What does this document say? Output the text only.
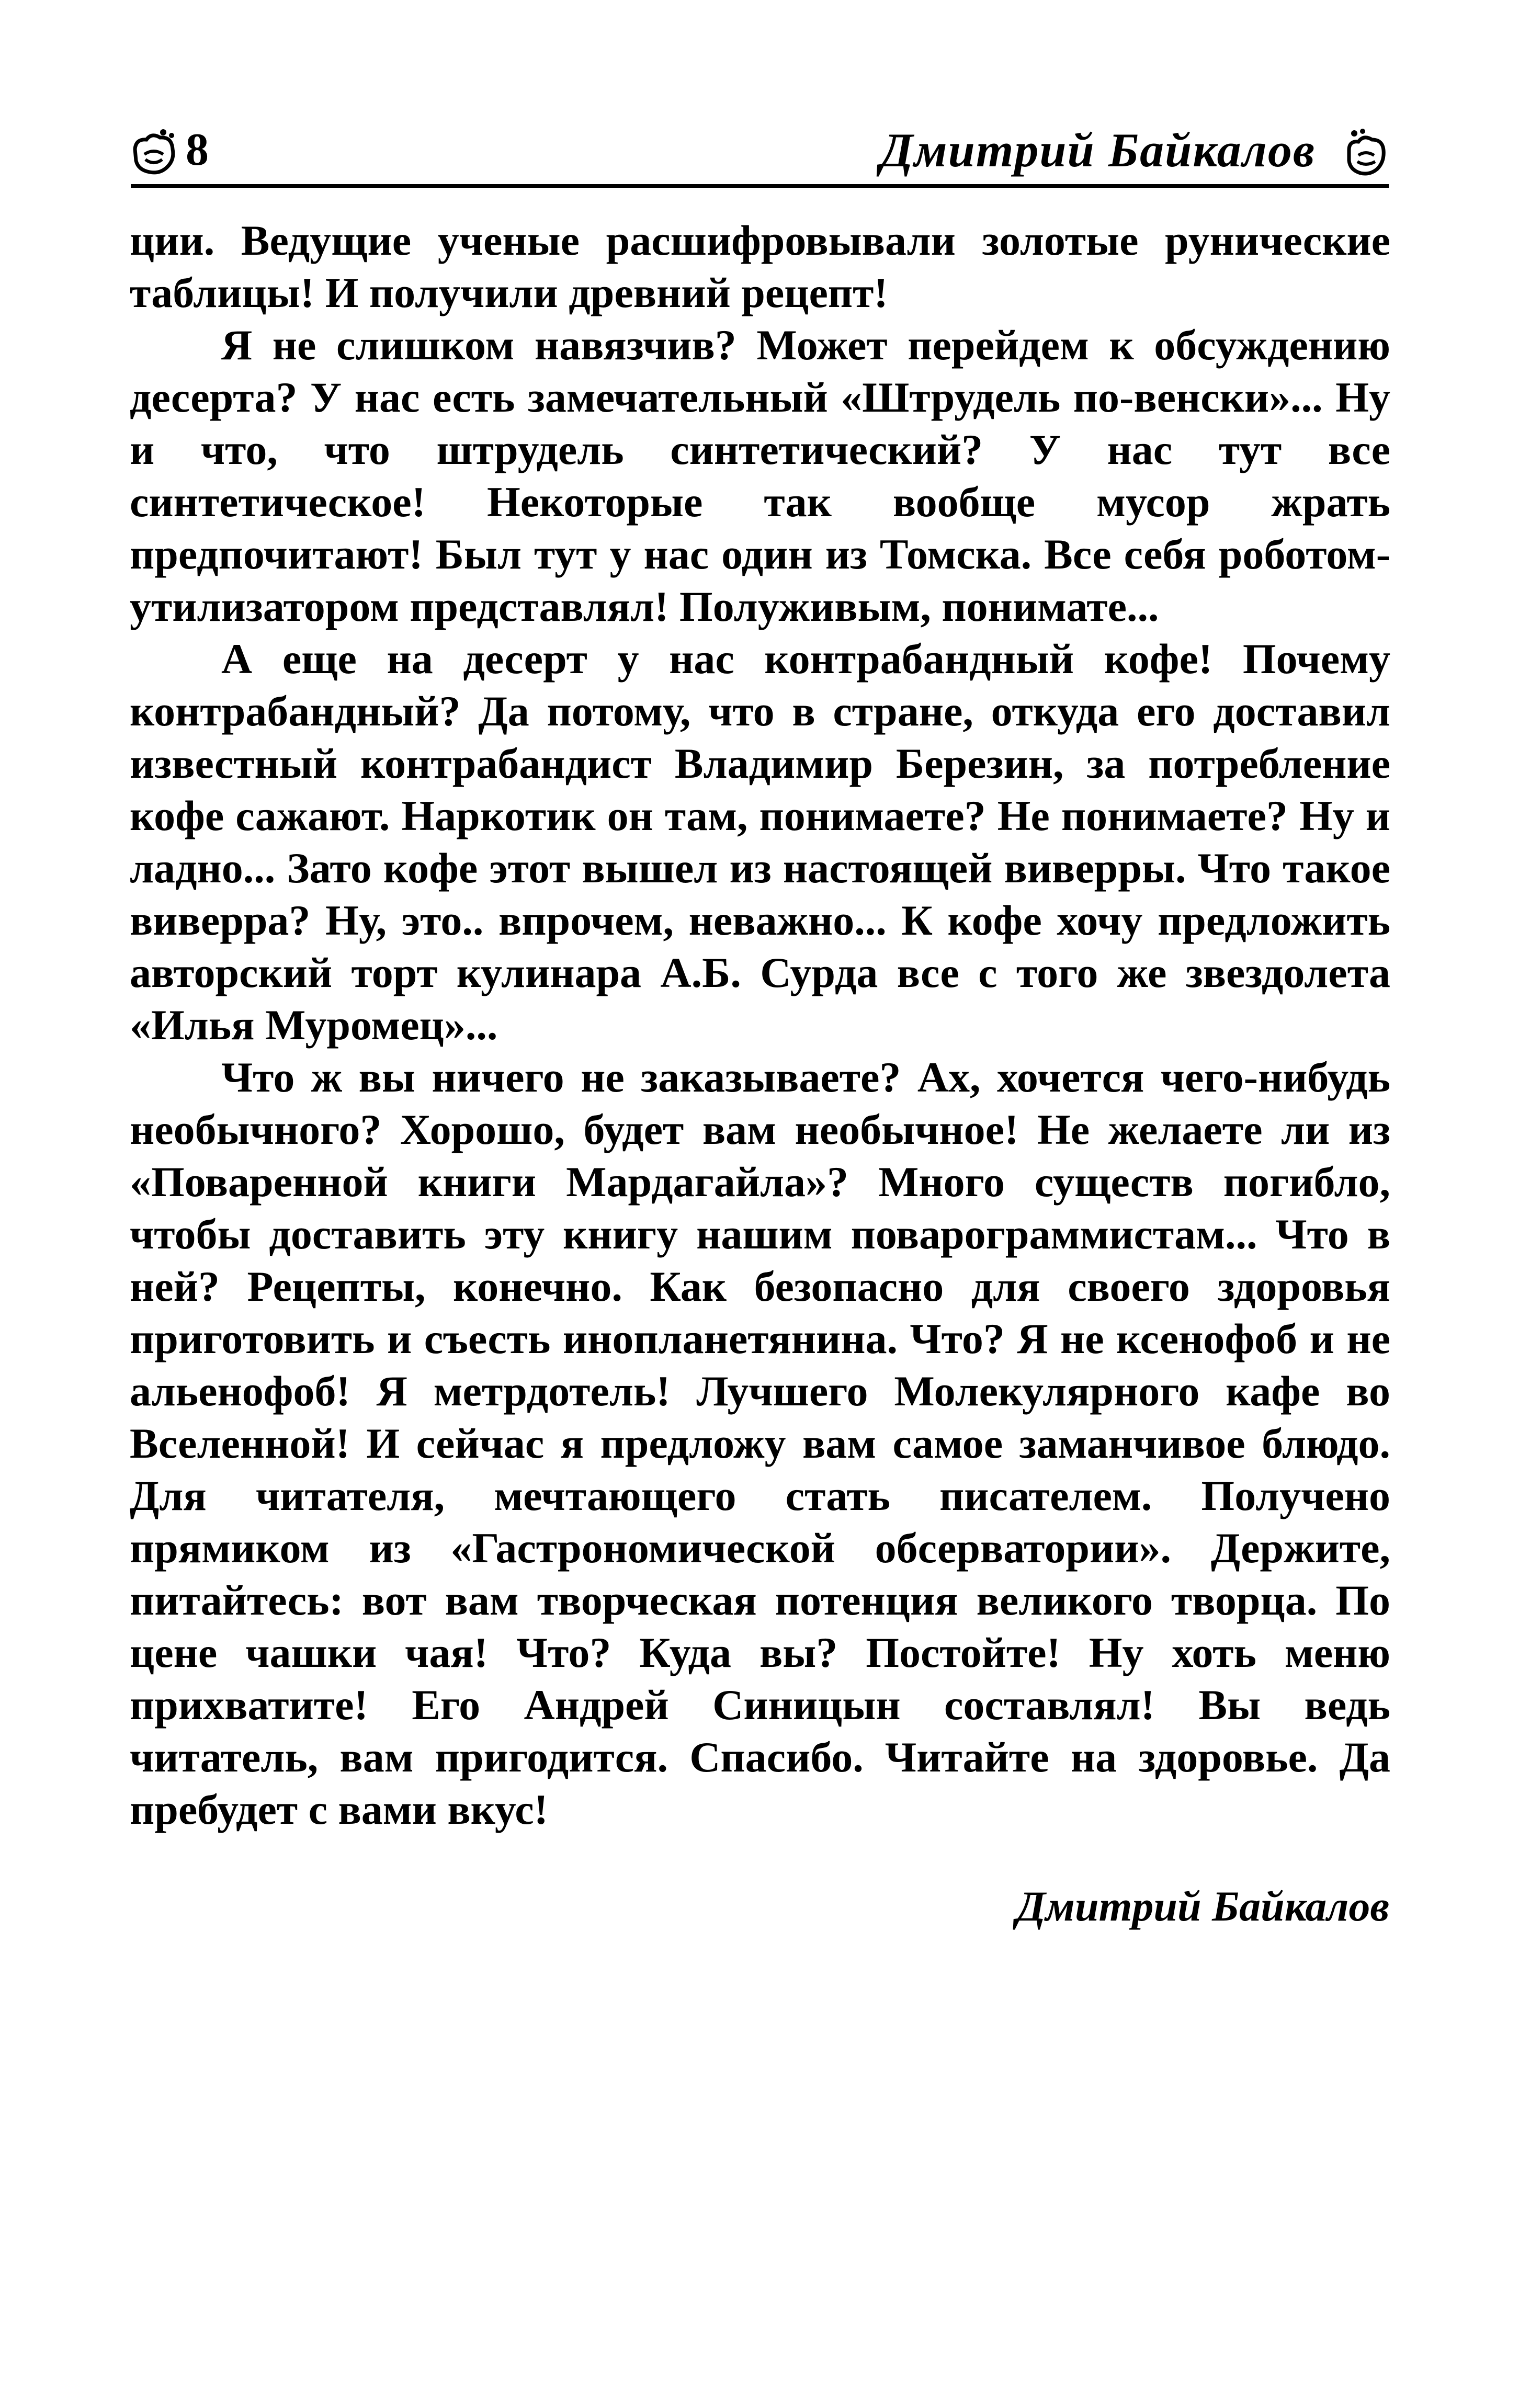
8	Дмитрий Байкалов

ции. Ведущие ученые расшифровывали золотые рунические таблицы! И получили древний рецепт!

Я не слишком навязчив? Может перейдем к обсуждению десерта? У нас есть замечательный «Штрудель по-венски»... Ну и что, что штрудель синтетический? У нас тут все синтетическое! Некоторые так вообще мусор жрать предпочитают! Был тут у нас один из Томска. Все себя роботом-утилизатором представлял! Полуживым, понимате...

А еще на десерт у нас контрабандный кофе! Почему контрабандный? Да потому, что в стране, откуда его доставил известный контрабандист Владимир Березин, за потребление кофе сажают. Наркотик он там, понимаете? Не понимаете? Ну и ладно... Зато кофе этот вышел из настоящей виверры. Что такое виверра? Ну, это.. впрочем, неважно... К кофе хочу предложить авторский торт кулинара А.Б. Сурда все с того же звездолета «Илья Муромец»...

Что ж вы ничего не заказываете? Ах, хочется чего-нибудь необычного? Хорошо, будет вам необычное! Не желаете ли из «Поваренной книги Мардагайла»? Много существ погибло, чтобы доставить эту книгу нашим поварограммистам... Что в ней? Рецепты, конечно. Как безопасно для своего здоровья приготовить и съесть инопланетянина. Что? Я не ксенофоб и не альенофоб! Я метрдотель! Лучшего Молекулярного кафе во Вселенной! И сейчас я предложу вам самое заманчивое блюдо. Для читателя, мечтающего стать писателем. Получено прямиком из «Гастрономической обсерватории». Держите, питайтесь: вот вам творческая потенция великого творца. По цене чашки чая! Что? Куда вы? Постойте! Ну хоть меню прихватите! Его Андрей Синицын составлял! Вы ведь читатель, вам пригодится. Спасибо. Читайте на здоровье. Да пребудет с вами вкус!

Дмитрий Байкалов
